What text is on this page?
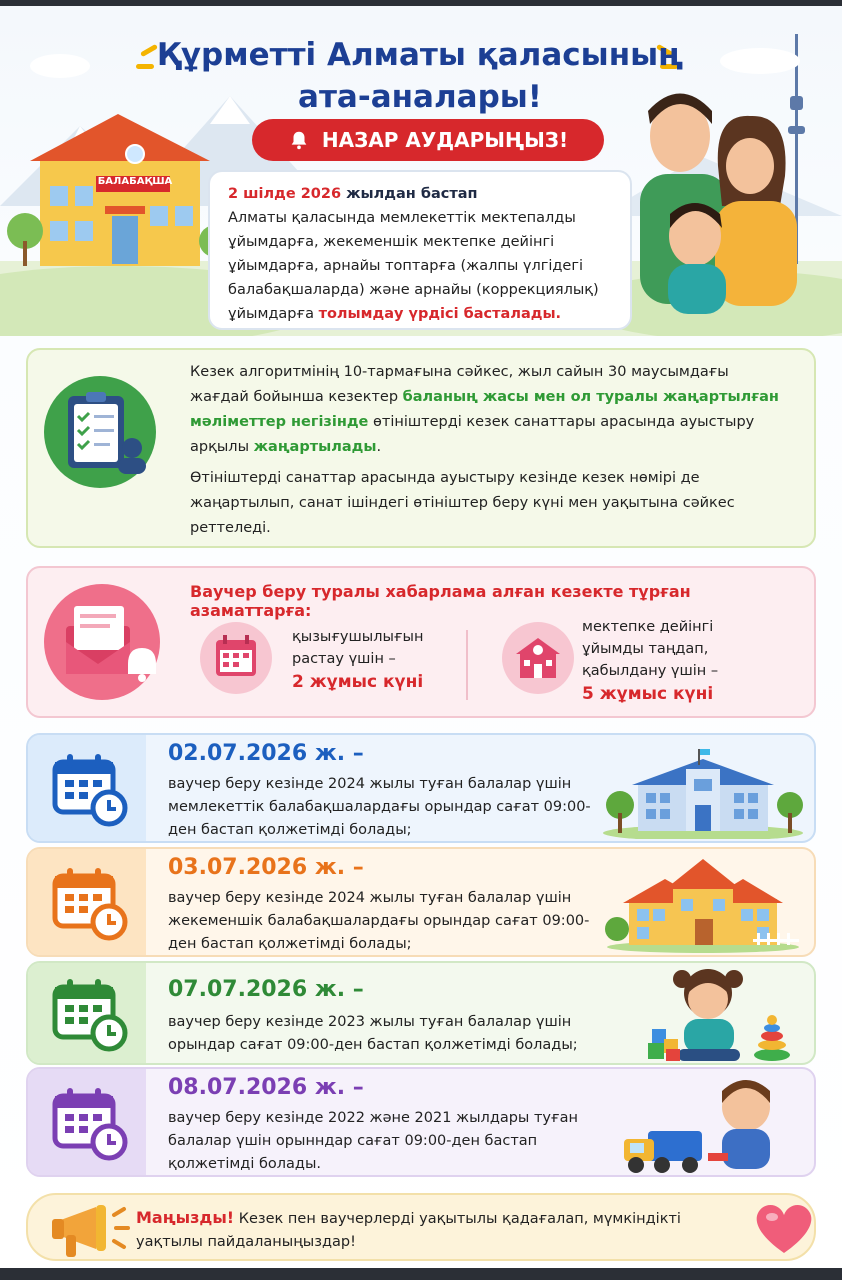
Құрметті Алматы қаласының
ата-аналары!
БАЛАБАҚША
НАЗАР АУДАРЫҢЫЗ!
2 шілде 2026 жылдан бастап
Алматы қаласында мемлекеттік мектепалды ұйымдарға, жекеменшік мектепке дейінгі ұйымдарға, арнайы топтарға (жалпы үлгідегі балабақшаларда) және арнайы (коррекциялық) ұйымдарға толымдау үрдісі басталады.
Кезек алгоритмінің 10-тармағына сәйкес, жыл сайын 30 маусымдағы жағдай бойынша кезектер баланың жасы мен ол туралы жаңартылған мәліметтер негізінде өтініштерді кезек санаттары арасында ауыстыру арқылы жаңартылады.
Өтініштерді санаттар арасында ауыстыру кезінде кезек нөмірі де жаңартылып, санат ішіндегі өтініштер беру күні мен уақытына сәйкес реттеледі.
Ваучер беру туралы хабарлама алған кезекте тұрған азаматтарға:
қызығушылығын растау үшін –
2 жұмыс күні
мектепке дейінгі ұйымды таңдап, қабылдану үшін –
5 жұмыс күні
02.07.2026 ж. –
ваучер беру кезінде 2024 жылы туған балалар үшін мемлекеттік балабақшалардағы орындар сағат 09:00-ден бастап қолжетімді болады;
03.07.2026 ж. –
ваучер беру кезінде 2024 жылы туған балалар үшін жекеменшік балабақшалардағы орындар сағат 09:00-ден бастап қолжетімді болады;
07.07.2026 ж. –
ваучер беру кезінде 2023 жылы туған балалар үшін орындар сағат 09:00-ден бастап қолжетімді болады;
08.07.2026 ж. –
ваучер беру кезінде 2022 және 2021 жылдары туған балалар үшін орынндар сағат 09:00-ден бастап қолжетімді болады.
Маңызды! Кезек пен ваучерлерді уақытылы қадағалап, мүмкіндікті уақтылы пайдаланыңыздар!
